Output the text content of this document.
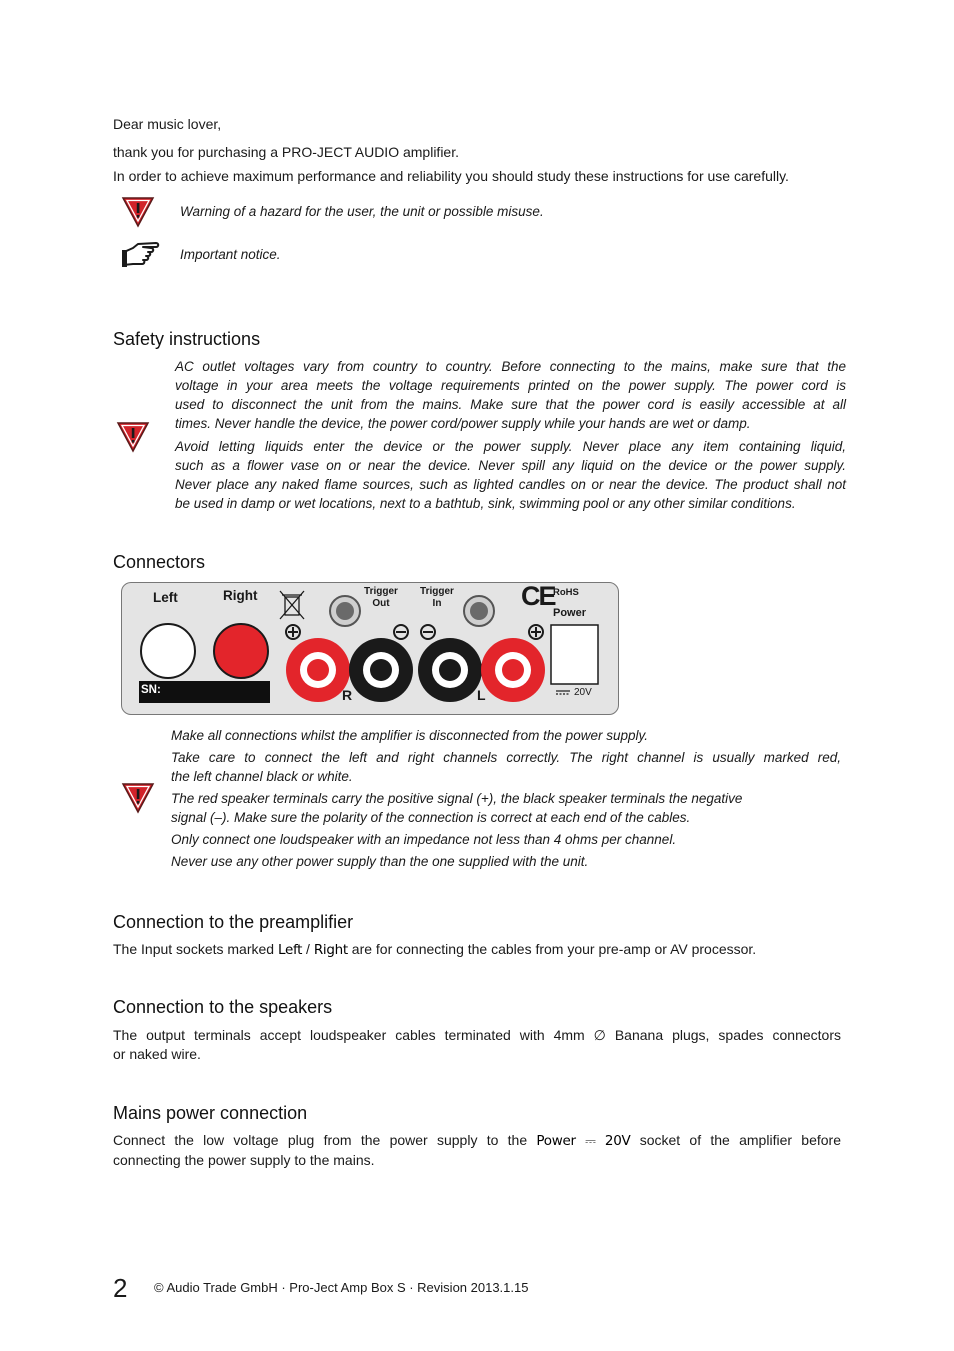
Dear music lover,
thank you for purchasing a PRO-JECT AUDIO amplifier.
In order to achieve maximum performance and reliability you should study these instructions for use carefully.
Warning of a hazard for the user, the unit or possible misuse.
Important notice.
Safety instructions
AC outlet voltages vary from country to country. Before connecting to the mains, make sure that the
voltage in your area meets the voltage requirements printed on the power supply. The power cord is
used to disconnect the unit from the mains. Make sure that the power cord is easily accessible at all
times. Never handle the device, the power cord/power supply while your hands are wet or damp.
Avoid letting liquids enter the device or the power supply. Never place any item containing liquid,
such as a flower vase on or near the device. Never spill any liquid on the device or the power supply.
Never place any naked flame sources, such as lighted candles on or near the device. The product shall not
be used in damp or wet locations, next to a bathtub, sink, swimming pool or any other similar conditions.
Connectors
Left	Right	Trigger
Out
Trigger
In	CE
RoHS
Power
SN:	R	L	20V
Make all connections whilst the amplifier is disconnected from the power supply.
Take care to connect the left and right channels correctly. The right channel is usually marked red,
the left channel black or white.
The red speaker terminals carry the positive signal (+), the black speaker terminals the negative
signal (–). Make sure the polarity of the connection is correct at each end of the cables.
Only connect one loudspeaker with an impedance not less than 4 ohms per channel.
Never use any other power supply than the one supplied with the unit.
Connection to the preamplifier
The Input sockets marked Left / Right are for connecting the cables from your pre-amp or AV processor.
Connection to the speakers
The output terminals accept loudspeaker cables terminated with 4mm ∅ Banana plugs, spades connectors
or naked wire.
Mains power connection
Connect the low voltage plug from the power supply to the Power ⎓ 20V socket of the amplifier before
connecting the power supply to the mains.
2 © Audio Trade GmbH · Pro-Ject Amp Box S · Revision 2013.1.15
